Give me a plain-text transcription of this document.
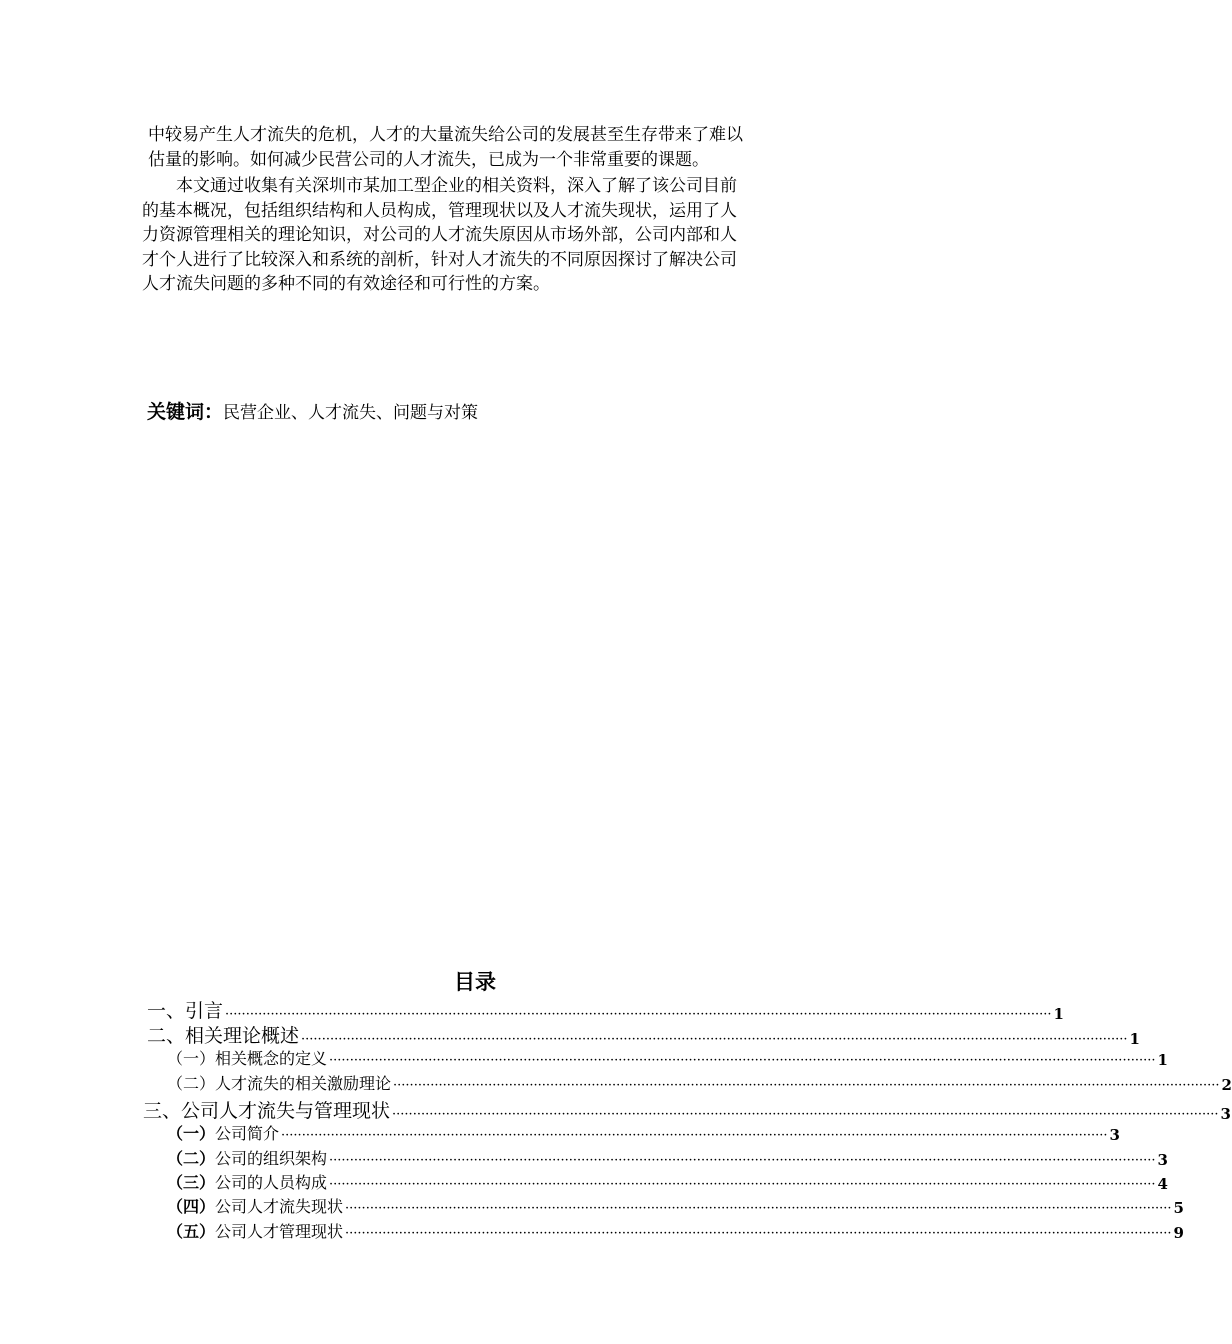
中较易产生人才流失的危机，人才的大量流失给公司的发展甚至生存带来了难以

估量的影响。如何减少民营公司的人才流失，已成为一个非常重要的课题。

本文通过收集有关深圳市某加工型企业的相关资料，深入了解了该公司目前

的基本概况，包括组织结构和人员构成，管理现状以及人才流失现状，运用了人

力资源管理相关的理论知识，对公司的人才流失原因从市场外部，公司内部和人

才个人进行了比较深入和系统的剖析，针对人才流失的不同原因探讨了解决公司

人才流失问题的多种不同的有效途径和可行性的方案。

关键词：民营企业、人才流失、问题与对策
目录
一、 引言 ········································································································································································································ 1
二、 相关理论概述 ········································································································································································································ 1
（一） 相关概念的定义 ········································································································································································································ 1
（二） 人才流失的相关激励理论 ········································································································································································································ 2
三、 公司人才流失与管理现状 ········································································································································································································ 3
（一） 公司简介 ········································································································································································································ 3
（二） 公司的组织架构 ········································································································································································································ 3
（三） 公司的人员构成 ········································································································································································································ 4
（四） 公司人才流失现状 ········································································································································································································ 5
（五） 公司人才管理现状 ········································································································································································································ 9
